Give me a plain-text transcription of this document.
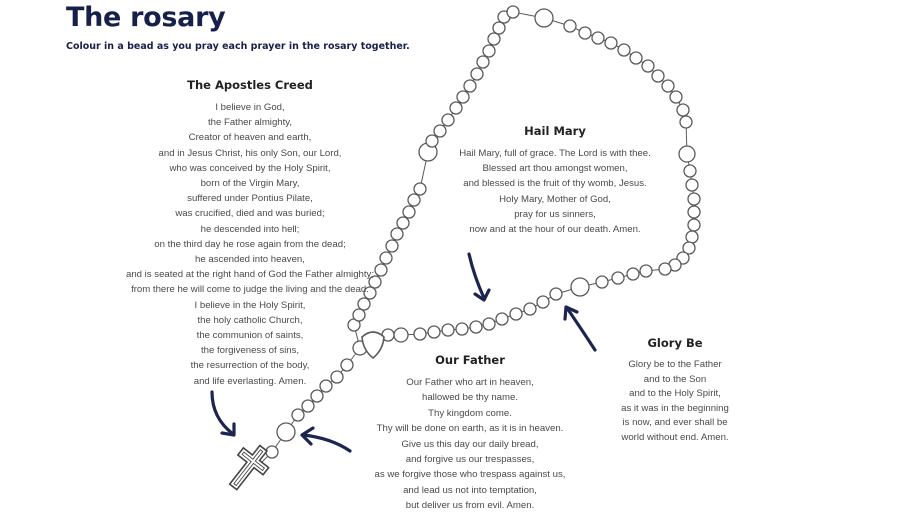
The rosary
Colour in a bead as you pray each prayer in the rosary together.
The Apostles Creed
I believe in God,
the Father almighty,
Creator of heaven and earth,
and in Jesus Christ, his only Son, our Lord,
who was conceived by the Holy Spirit,
born of the Virgin Mary,
suffered under Pontius Pilate,
was crucified, died and was buried;
he descended into hell;
on the third day he rose again from the dead;
he ascended into heaven,
and is seated at the right hand of God the Father almighty;
from there he will come to judge the living and the dead.
I believe in the Holy Spirit,
the holy catholic Church,
the communion of saints,
the forgiveness of sins,
the resurrection of the body,
and life everlasting. Amen.
Hail Mary
Hail Mary, full of grace. The Lord is with thee.
Blessed art thou amongst women,
and blessed is the fruit of thy womb, Jesus.
Holy Mary, Mother of God,
pray for us sinners,
now and at the hour of our death. Amen.
Our Father
Our Father who art in heaven,
hallowed be thy name.
Thy kingdom come.
Thy will be done on earth, as it is in heaven.
Give us this day our daily bread,
and forgive us our trespasses,
as we forgive those who trespass against us,
and lead us not into temptation,
but deliver us from evil. Amen.
Glory Be
Glory be to the Father
and to the Son
and to the Holy Spirit,
as it was in the beginning
is now, and ever shall be
world without end. Amen.
